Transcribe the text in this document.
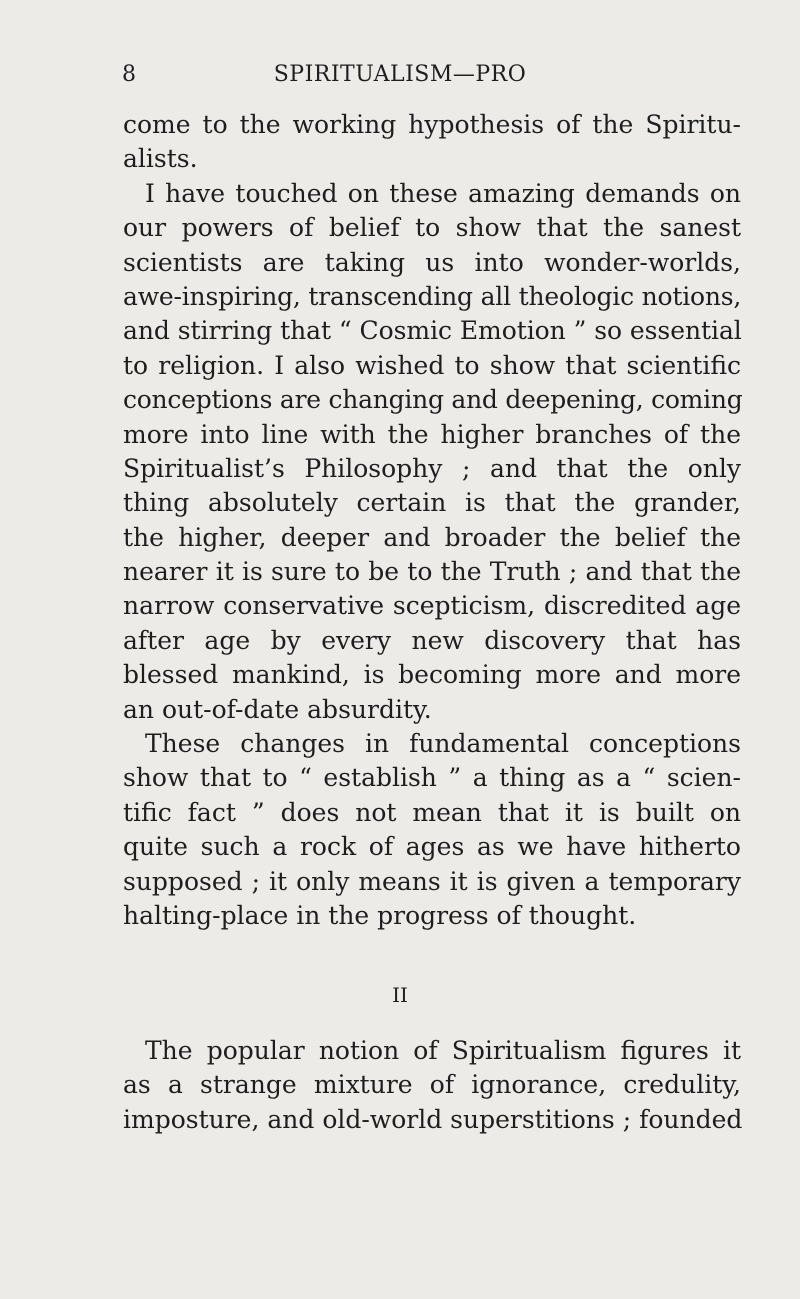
8	SPIRITUALISM—PRO
come to the working hypothesis of the Spiritu-
alists.
I have touched on these amazing demands on
our powers of belief to show that the sanest
scientists are taking us into wonder-worlds,
awe-inspiring, transcending all theologic notions,
and stirring that “ Cosmic Emotion ” so essential
to religion. I also wished to show that scientific
conceptions are changing and deepening, coming
more into line with the higher branches of the
Spiritualist’s Philosophy ; and that the only
thing absolutely certain is that the grander,
the higher, deeper and broader the belief the
nearer it is sure to be to the Truth ; and that the
narrow conservative scepticism, discredited age
after age by every new discovery that has
blessed mankind, is becoming more and more
an out-of-date absurdity.
These changes in fundamental conceptions
show that to “ establish ” a thing as a “ scien-
tific fact ” does not mean that it is built on
quite such a rock of ages as we have hitherto
supposed ; it only means it is given a temporary
halting-place in the progress of thought.
II
The popular notion of Spiritualism figures it
as a strange mixture of ignorance, credulity,
imposture, and old-world superstitions ; founded
